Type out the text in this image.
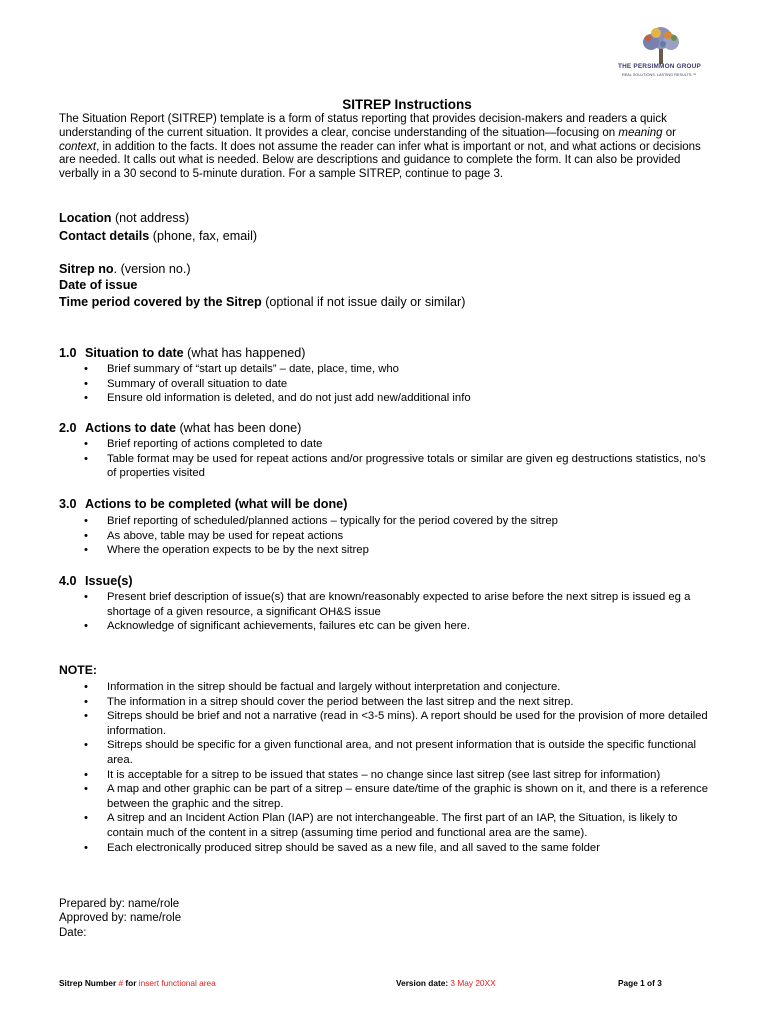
THE PERSIMMON GROUP
REAL SOLUTIONS. LASTING RESULTS.™
SITREP Instructions
The Situation Report (SITREP) template is a form of status reporting that provides decision-makers and readers a quick understanding of the current situation. It provides a clear, concise understanding of the situation—focusing on meaning or context, in addition to the facts. It does not assume the reader can infer what is important or not, and what actions or decisions are needed. It calls out what is needed. Below are descriptions and guidance to complete the form. It can also be provided verbally in a 30 second to 5-minute duration. For a sample SITREP, continue to page 3.
Location (not address)
Contact details (phone, fax, email)
Sitrep no. (version no.)
Date of issue
Time period covered by the Sitrep (optional if not issue daily or similar)
1.0 Situation to date (what has happened)
• Brief summary of “start up details” – date, place, time, who
• Summary of overall situation to date
• Ensure old information is deleted, and do not just add new/additional info
2.0 Actions to date (what has been done)
• Brief reporting of actions completed to date
• Table format may be used for repeat actions and/or progressive totals or similar are given eg destructions statistics, no’s of properties visited
3.0 Actions to be completed (what will be done)
• Brief reporting of scheduled/planned actions – typically for the period covered by the sitrep
• As above, table may be used for repeat actions
• Where the operation expects to be by the next sitrep
4.0 Issue(s)
• Present brief description of issue(s) that are known/reasonably expected to arise before the next sitrep is issued eg a shortage of a given resource, a significant OH&S issue
• Acknowledge of significant achievements, failures etc can be given here.
NOTE:
• Information in the sitrep should be factual and largely without interpretation and conjecture.
• The information in a sitrep should cover the period between the last sitrep and the next sitrep.
• Sitreps should be brief and not a narrative (read in <3-5 mins). A report should be used for the provision of more detailed information.
• Sitreps should be specific for a given functional area, and not present information that is outside the specific functional area.
• It is acceptable for a sitrep to be issued that states – no change since last sitrep (see last sitrep for information)
• A map and other graphic can be part of a sitrep – ensure date/time of the graphic is shown on it, and there is a reference between the graphic and the sitrep.
• A sitrep and an Incident Action Plan (IAP) are not interchangeable. The first part of an IAP, the Situation, is likely to contain much of the content in a sitrep (assuming time period and functional area are the same).
• Each electronically produced sitrep should be saved as a new file, and all saved to the same folder
Prepared by: name/role
Approved by: name/role
Date:
Sitrep Number # for insert functional area	Version date: 3 May 20XX	Page 1 of 3
